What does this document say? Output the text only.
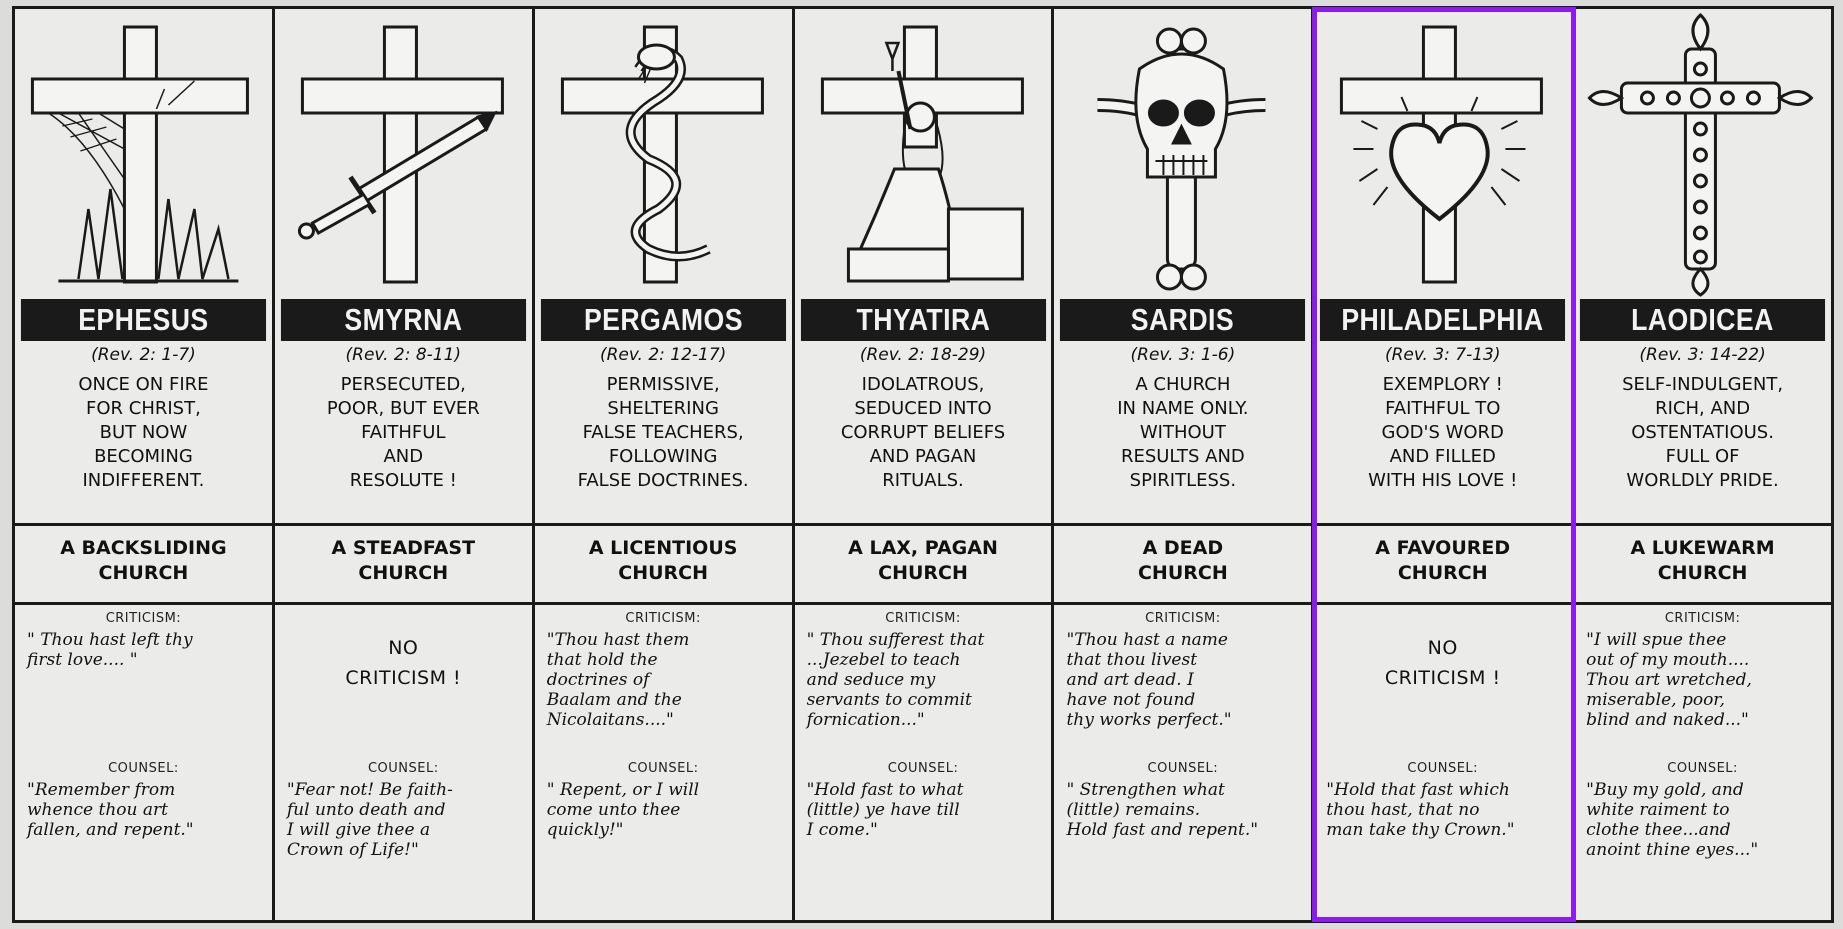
EPHESUS
(Rev. 2: 1-7)
ONCE ON FIRE
FOR CHRIST,
BUT NOW
BECOMING
INDIFFERENT.
A BACKSLIDING
CHURCH
CRITICISM:
" Thou hast left thy
first love.... "
COUNSEL:
"Remember from
whence thou art
fallen, and repent."
SMYRNA
(Rev. 2: 8-11)
PERSECUTED,
POOR, BUT EVER
FAITHFUL
AND
RESOLUTE !
A STEADFAST
CHURCH
NO
CRITICISM !
COUNSEL:
"Fear not! Be faith-
ful unto death and
I will give thee a
Crown of Life!"
PERGAMOS
(Rev. 2: 12-17)
PERMISSIVE,
SHELTERING
FALSE TEACHERS,
FOLLOWING
FALSE DOCTRINES.
A LICENTIOUS
CHURCH
CRITICISM:
"Thou hast them
that hold the
doctrines of
Baalam and the
Nicolaitans...."
COUNSEL:
" Repent, or I will
come unto thee
quickly!"
THYATIRA
(Rev. 2: 18-29)
IDOLATROUS,
SEDUCED INTO
CORRUPT BELIEFS
AND PAGAN
RITUALS.
A LAX, PAGAN
CHURCH
CRITICISM:
" Thou sufferest that
...Jezebel to teach
and seduce my
servants to commit
fornication..."
COUNSEL:
"Hold fast to what
(little) ye have till
I come."
SARDIS
(Rev. 3: 1-6)
A CHURCH
IN NAME ONLY.
WITHOUT
RESULTS AND
SPIRITLESS.
A DEAD
CHURCH
CRITICISM:
"Thou hast a name
that thou livest
and art dead. I
have not found
thy works perfect."
COUNSEL:
" Strengthen what
(little) remains.
Hold fast and repent."
PHILADELPHIA
(Rev. 3: 7-13)
EXEMPLORY !
FAITHFUL TO
GOD'S WORD
AND FILLED
WITH HIS LOVE !
A FAVOURED
CHURCH
NO
CRITICISM !
COUNSEL:
"Hold that fast which
thou hast, that no
man take thy Crown."
LAODICEA
(Rev. 3: 14-22)
SELF-INDULGENT,
RICH, AND
OSTENTATIOUS.
FULL OF
WORLDLY PRIDE.
A LUKEWARM
CHURCH
CRITICISM:
"I will spue thee
out of my mouth....
Thou art wretched,
miserable, poor,
blind and naked..."
COUNSEL:
"Buy my gold, and
white raiment to
clothe thee...and
anoint thine eyes..."
